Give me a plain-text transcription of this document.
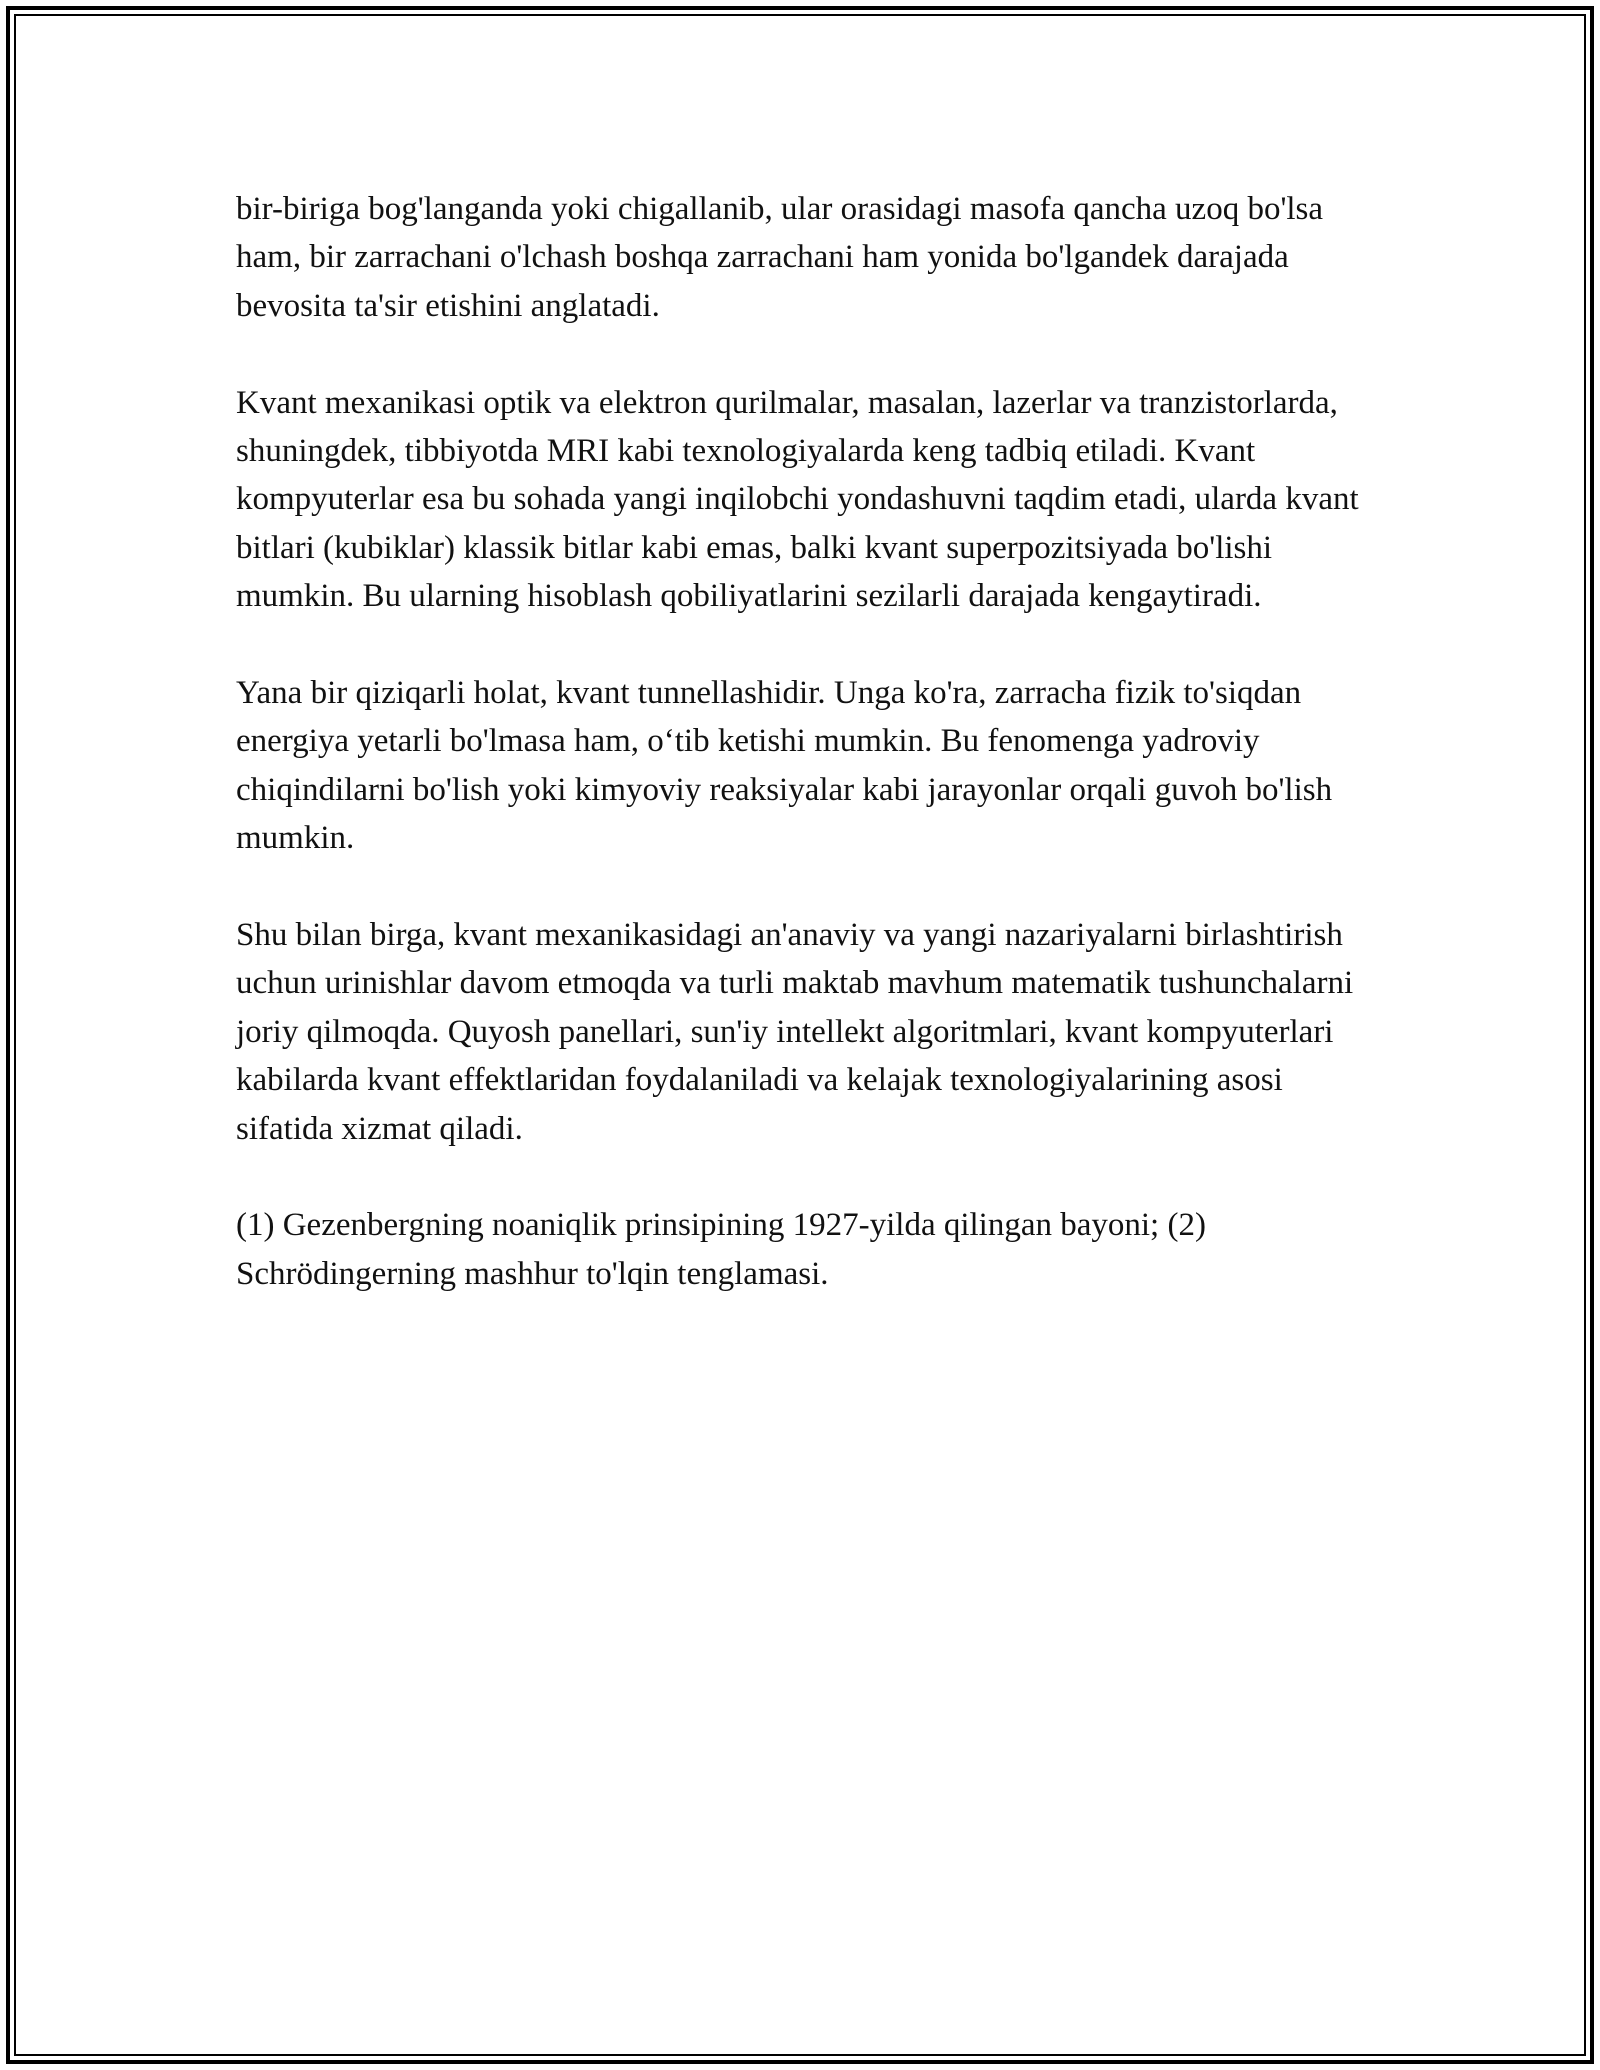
bir-biriga bog'langanda yoki chigallanib, ular orasidagi masofa qancha uzoq bo'lsa ham, bir zarrachani o'lchash boshqa zarrachani ham yonida bo'lgandek darajada bevosita ta'sir etishini anglatadi.

Kvant mexanikasi optik va elektron qurilmalar, masalan, lazerlar va tranzistorlarda, shuningdek, tibbiyotda MRI kabi texnologiyalarda keng tadbiq etiladi. Kvant kompyuterlar esa bu sohada yangi inqilobchi yondashuvni taqdim etadi, ularda kvant bitlari (kubiklar) klassik bitlar kabi emas, balki kvant superpozitsiyada bo'lishi mumkin. Bu ularning hisoblash qobiliyatlarini sezilarli darajada kengaytiradi.

Yana bir qiziqarli holat, kvant tunnellashidir. Unga ko'ra, zarracha fizik to'siqdan energiya yetarli bo'lmasa ham, o‘tib ketishi mumkin. Bu fenomenga yadroviy chiqindilarni bo'lish yoki kimyoviy reaksiyalar kabi jarayonlar orqali guvoh bo'lish mumkin.

Shu bilan birga, kvant mexanikasidagi an'anaviy va yangi nazariyalarni birlashtirish uchun urinishlar davom etmoqda va turli maktab mavhum matematik tushunchalarni joriy qilmoqda. Quyosh panellari, sun'iy intellekt algoritmlari, kvant kompyuterlari kabilarda kvant effektlaridan foydalaniladi va kelajak texnologiyalarining asosi sifatida xizmat qiladi.

(1) Gezenbergning noaniqlik prinsipining 1927-yilda qilingan bayoni; (2) Schrödingerning mashhur to'lqin tenglamasi.
